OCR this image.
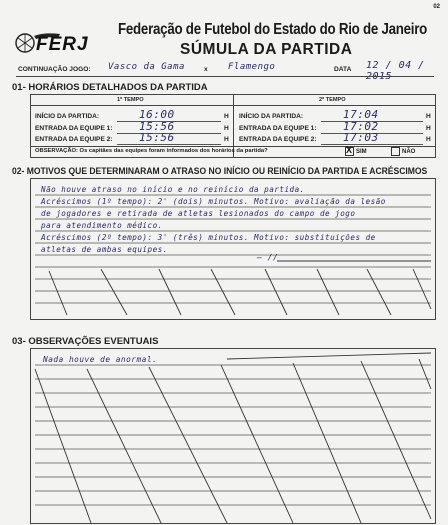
02
FERJ
Federação de Futebol do Estado do Rio de Janeiro
SÚMULA DA PARTIDA
CONTINUAÇÃO JOGO: Vasco da Gama	x Flamengo	DATA 12 / 04 / 2015
01- HORÁRIOS DETALHADOS DA PARTIDA
1º TEMPO	2º TEMPO
INÍCIO DA PARTIDA:	16:00	H
ENTRADA DA EQUIPE 1: 15:56	H
ENTRADA DA EQUIPE 2: 15:56	H
INÍCIO DA PARTIDA:	17:04	H
ENTRADA DA EQUIPE 1: 17:02	H
ENTRADA DA EQUIPE 2: 17:03	H
OBSERVAÇÃO: Os capitães das equipes foram informados dos horários da partida?	X SIM	NÃO
02- MOTIVOS QUE DETERMINARAM O ATRASO NO INÍCIO OU REINÍCIO DA PARTIDA E ACRÉSCIMOS
Não houve atraso no início e no reinício da partida.
Acréscimos (1º tempo): 2' (dois) minutos. Motivo: avaliação da lesão
de jogadores e retirada de atletas lesionados do campo de jogo
para atendimento médico.
Acréscimos (2º tempo): 3' (três) minutos. Motivo: substituições de
atletas de ambas equipes.
— //
03- OBSERVAÇÕES EVENTUAIS
Nada houve de anormal.
